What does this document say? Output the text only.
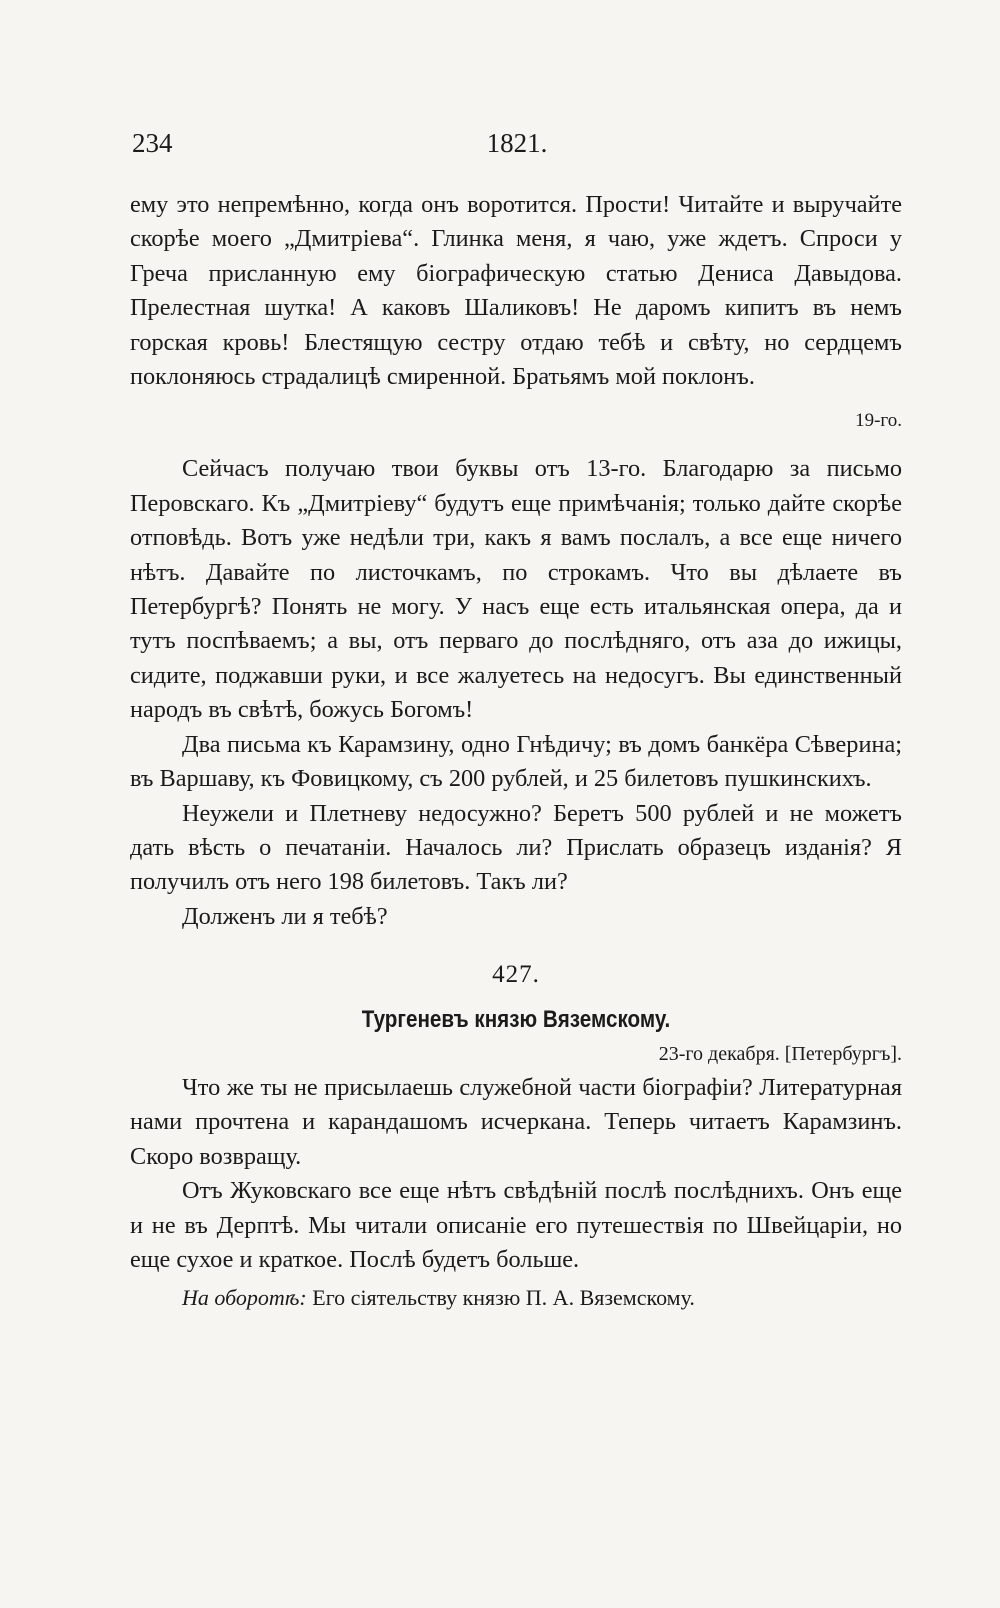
234	1821.

ему это непремѣнно, когда онъ воротится. Прости! Читайте и выручайте скорѣе моего „Дмитріева“. Глинка меня, я чаю, уже ждетъ. Спроси у Греча присланную ему біографическую статью Дениса Давыдова. Прелестная шутка! А каковъ Шаликовъ! Не даромъ кипитъ въ немъ горская кровь! Блестящую сестру отдаю тебѣ и свѣту, но сердцемъ поклоняюсь страдалицѣ смиренной. Братьямъ мой поклонъ.

19-го.

Сейчасъ получаю твои буквы отъ 13-го. Благодарю за письмо Перовскаго. Къ „Дмитріеву“ будутъ еще примѣчанія; только дайте скорѣе отповѣдь. Вотъ уже недѣли три, какъ я вамъ послалъ, а все еще ничего нѣтъ. Давайте по листочкамъ, по строкамъ. Что вы дѣлаете въ Петербургѣ? Понять не могу. У насъ еще есть итальянская опера, да и тутъ поспѣваемъ; а вы, отъ перваго до послѣдняго, отъ аза до ижицы, сидите, поджавши руки, и все жалуетесь на недосугъ. Вы единственный народъ въ свѣтѣ, божусь Богомъ!

Два письма къ Карамзину, одно Гнѣдичу; въ домъ банкёра Сѣверина; въ Варшаву, къ Фовицкому, съ 200 рублей, и 25 билетовъ пушкинскихъ.

Неужели и Плетневу недосужно? Беретъ 500 рублей и не можетъ дать вѣсть о печатаніи. Началось ли? Прислать образецъ изданія? Я получилъ отъ него 198 билетовъ. Такъ ли?

Долженъ ли я тебѣ?

427.

Тургеневъ князю Вяземскому.

23-го декабря. [Петербургъ].

Что же ты не присылаешь служебной части біографіи? Литературная нами прочтена и карандашомъ исчеркана. Теперь читаетъ Карамзинъ. Скоро возвращу.

Отъ Жуковскаго все еще нѣтъ свѣдѣній послѣ послѣднихъ. Онъ еще и не въ Дерптѣ. Мы читали описаніе его путешествія по Швейцаріи, но еще сухое и краткое. Послѣ будетъ больше.

На оборотѣ: Его сіятельству князю П. А. Вяземскому.
